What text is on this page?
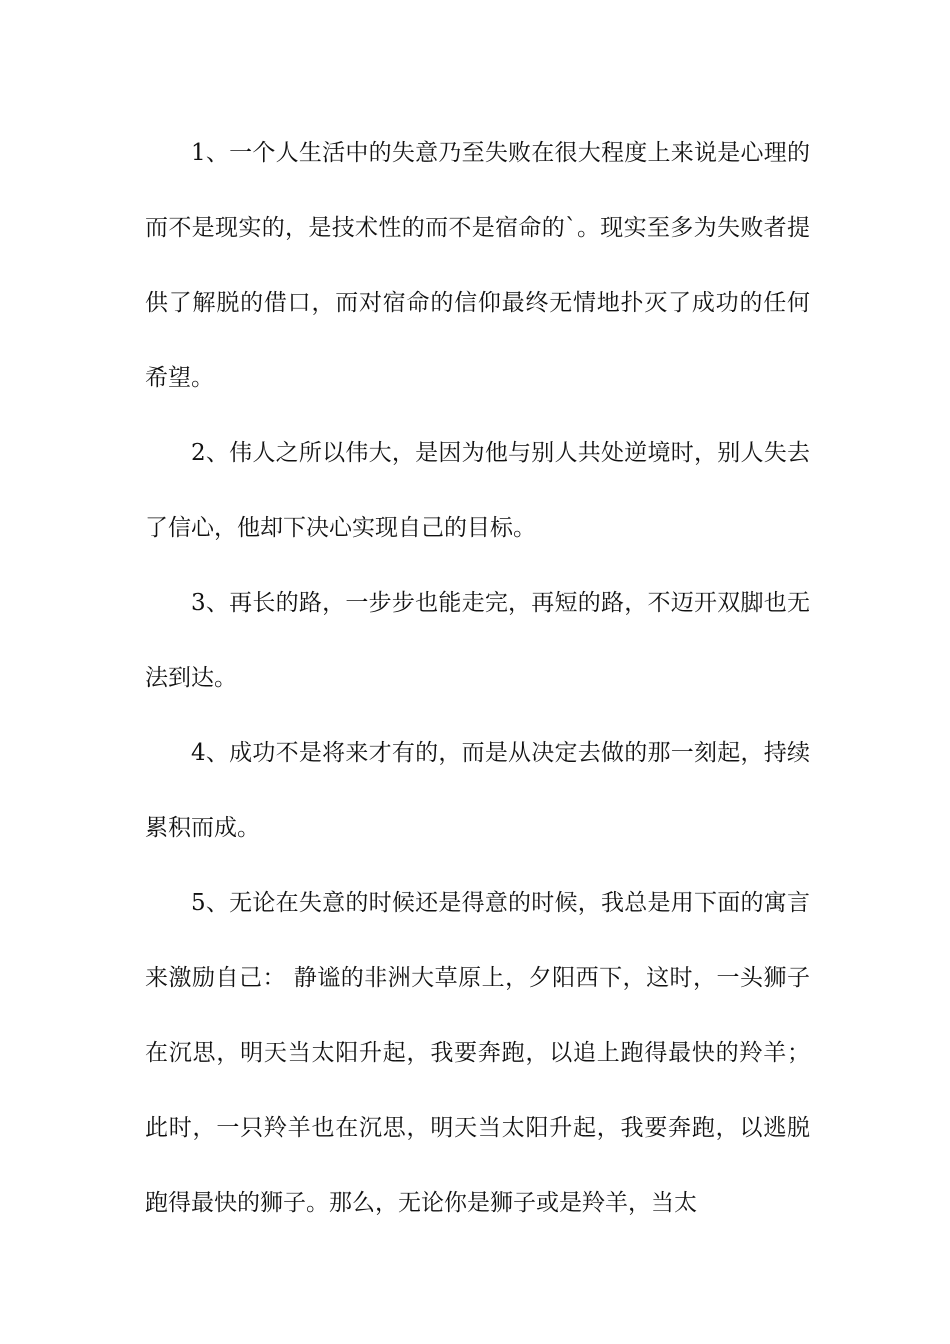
1、一个人生活中的失意乃至失败在很大程度上来说是心理的而不是现实的，是技术性的而不是宿命的`。现实至多为失败者提供了解脱的借口，而对宿命的信仰最终无情地扑灭了成功的任何希望。

2、伟人之所以伟大，是因为他与别人共处逆境时，别人失去了信心，他却下决心实现自己的目标。

3、再长的路，一步步也能走完，再短的路，不迈开双脚也无法到达。

4、成功不是将来才有的，而是从决定去做的那一刻起，持续累积而成。

5、无论在失意的时候还是得意的时候，我总是用下面的寓言来激励自己： 静谧的非洲大草原上，夕阳西下，这时，一头狮子在沉思，明天当太阳升起，我要奔跑，以追上跑得最快的羚羊；此时，一只羚羊也在沉思，明天当太阳升起，我要奔跑，以逃脱跑得最快的狮子。那么，无论你是狮子或是羚羊，当太
